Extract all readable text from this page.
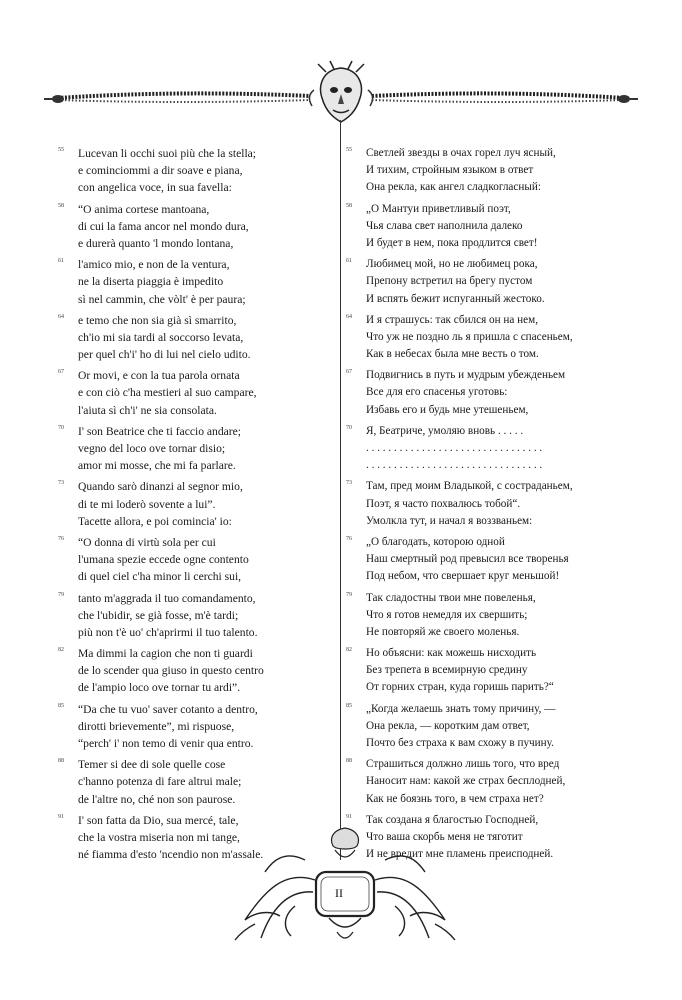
55	Lucevan li occhi suoi più che la stella;
e cominciommi a dir soave e piana,
con angelica voce, in sua favella:
58	“O anima cortese mantoana,
di cui la fama ancor nel mondo dura,
e durerà quanto 'l mondo lontana,
61	l'amico mio, e non de la ventura,
ne la diserta piaggia è impedito
sì nel cammin, che vòlt' è per paura;
64	e temo che non sia già sì smarrito,
ch'io mi sia tardi al soccorso levata,
per quel ch'i' ho di lui nel cielo udito.
67	Or movi, e con la tua parola ornata
e con ciò c'ha mestieri al suo campare,
l'aiuta sì ch'i' ne sia consolata.
70	I' son Beatrice che ti faccio andare;
vegno del loco ove tornar disio;
amor mi mosse, che mi fa parlare.
73	Quando sarò dinanzi al segnor mio,
di te mi loderò sovente a lui”.
Tacette allora, e poi comincia' io:
76	“O donna di virtù sola per cui
l'umana spezie eccede ogne contento
di quel ciel c'ha minor li cerchi sui,
79	tanto m'aggrada il tuo comandamento,
che l'ubidir, se già fosse, m'è tardi;
più non t'è uo' ch'aprirmi il tuo talento.
82	Ma dimmi la cagion che non ti guardi
de lo scender qua giuso in questo centro
de l'ampio loco ove tornar tu ardi”.
85	“Da che tu vuo' saver cotanto a dentro,
dirotti brievemente”, mi rispuose,
“perch' i' non temo di venir qua entro.
88	Temer si dee di sole quelle cose
c'hanno potenza di fare altrui male;
de l'altre no, ché non son paurose.
91	I' son fatta da Dio, sua mercé, tale,
che la vostra miseria non mi tange,
né fiamma d'esto 'ncendio non m'assale.
55	Светлей звезды в очах горел луч ясный,
И тихим, стройным языком в ответ
Она рекла, как ангел сладкогласный:
58	„О Мантуи приветливый поэт,
Чья слава свет наполнила далеко
И будет в нем, пока продлится свет!
61	Любимец мой, но не любимец рока,
Препону встретил на брегу пустом
И вспять бежит испуганный жестоко.
64	И я страшусь: так сбился он на нем,
Что уж не поздно ль я пришла с спасеньем,
Как в небесах была мне весть о том.
67	Подвигнись в путь и мудрым убежденьем
Все для его спасенья уготовь:
Избавь его и будь мне утешеньем,
70	Я, Беатриче, умоляю вновь . . . . .
. . . . . . . . . . . . . . . . . . . . . . . . . . . . . . . .
. . . . . . . . . . . . . . . . . . . . . . . . . . . . . . . .
73	Там, пред моим Владыкой, с состраданьем,
Поэт, я часто похвалюсь тобой“.
Умолкла тут, и начал я воззваньем:
76	„О благодать, которою одной
Наш смертный род превысил все творенья
Под небом, что свершает круг меньшой!
79	Так сладостны твои мне повеленья,
Что я готов немедля их свершить;
Не повторяй же своего моленья.
82	Но объясни: как можешь нисходить
Без трепета в всемирную средину
От горних стран, куда горишь парить?“
85	„Когда желаешь знать тому причину, —
Она рекла, — коротким дам ответ,
Почто без страха к вам схожу в пучину.
88	Страшиться должно лишь того, что вред
Наносит нам: какой же страх бесплодней,
Как не боязнь того, в чем страха нет?
91	Так создана я благостью Господней,
Что ваша скорбь меня не тяготит
И не вредит мне пламень преисподней.
II
